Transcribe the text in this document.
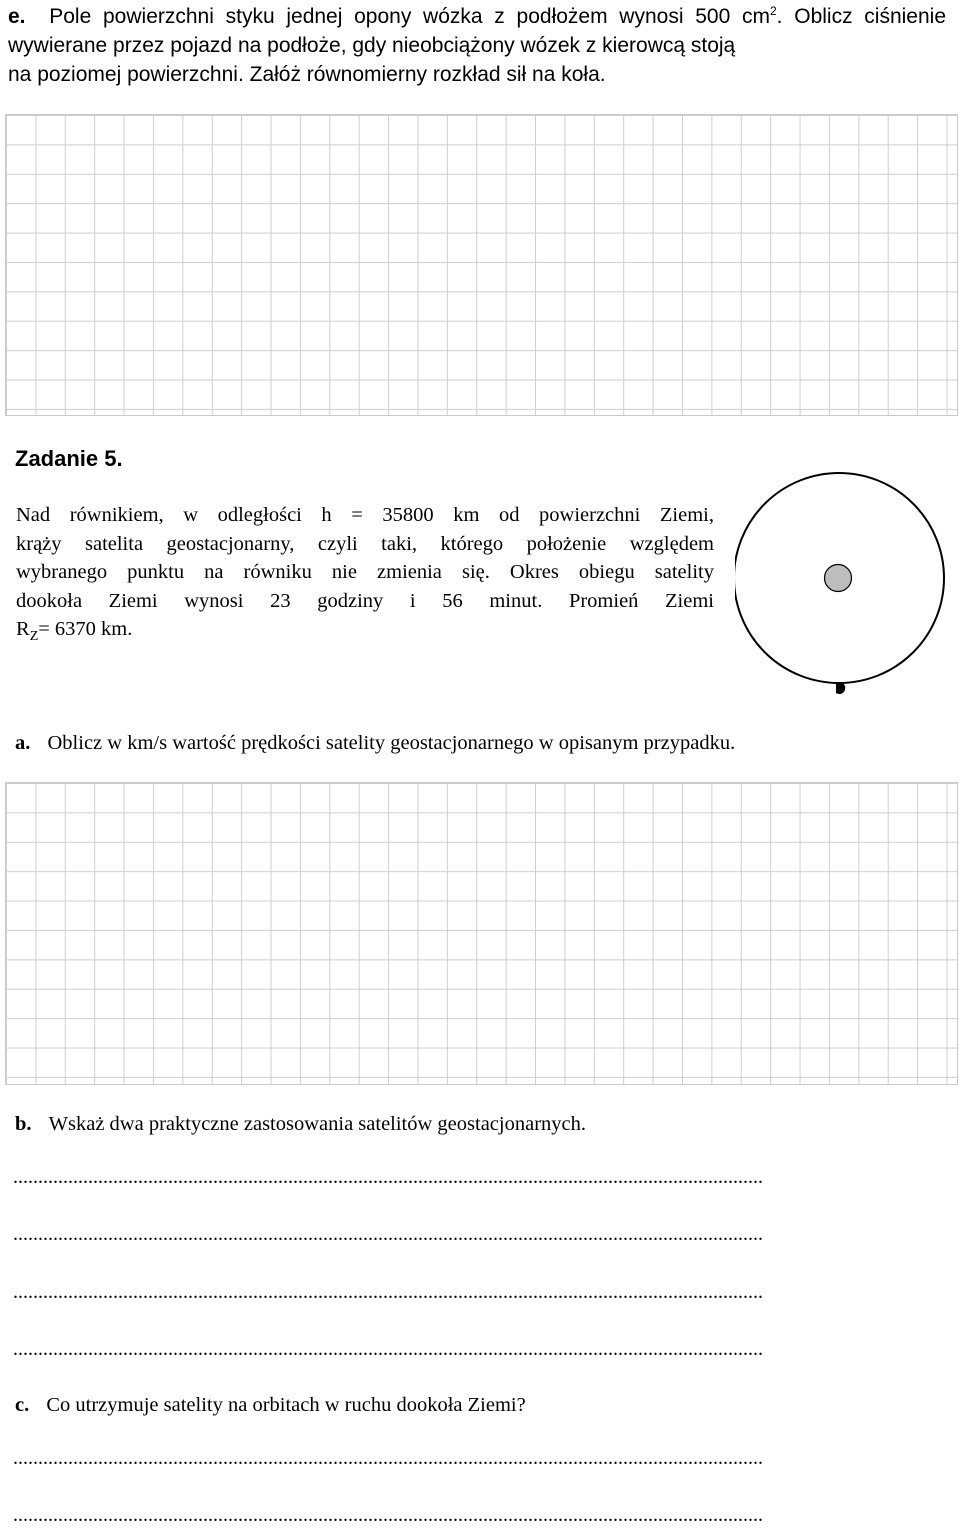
e. Pole powierzchni styku jednej opony wózka z podłożem wynosi 500 $cm^2$. Oblicz ciśnienie wywierane przez pojazd na podłoże, gdy nieobciążony wózek z kierowcą stoją
na poziomej powierzchni. Załóż równomierny rozkład sił na koła.
Zadanie 5.
Nad równikiem, w odległości h = 35800 km od powierzchni Ziemi,
krąży satelita geostacjonarny, czyli taki, którego położenie względem
wybranego punktu na równiku nie zmienia się. Okres obiegu satelity
dookoła Ziemi wynosi 23 godziny i 56 minut. Promień Ziemi
$R_Z= 6370$ km.
a. Oblicz w km/s wartość prędkości satelity geostacjonarnego w opisanym przypadku.
b. Wskaż dwa praktyczne zastosowania satelitów geostacjonarnych.
......................................................................................................................................................
......................................................................................................................................................
......................................................................................................................................................
......................................................................................................................................................
c. Co utrzymuje satelity na orbitach w ruchu dookoła Ziemi?
......................................................................................................................................................
......................................................................................................................................................
